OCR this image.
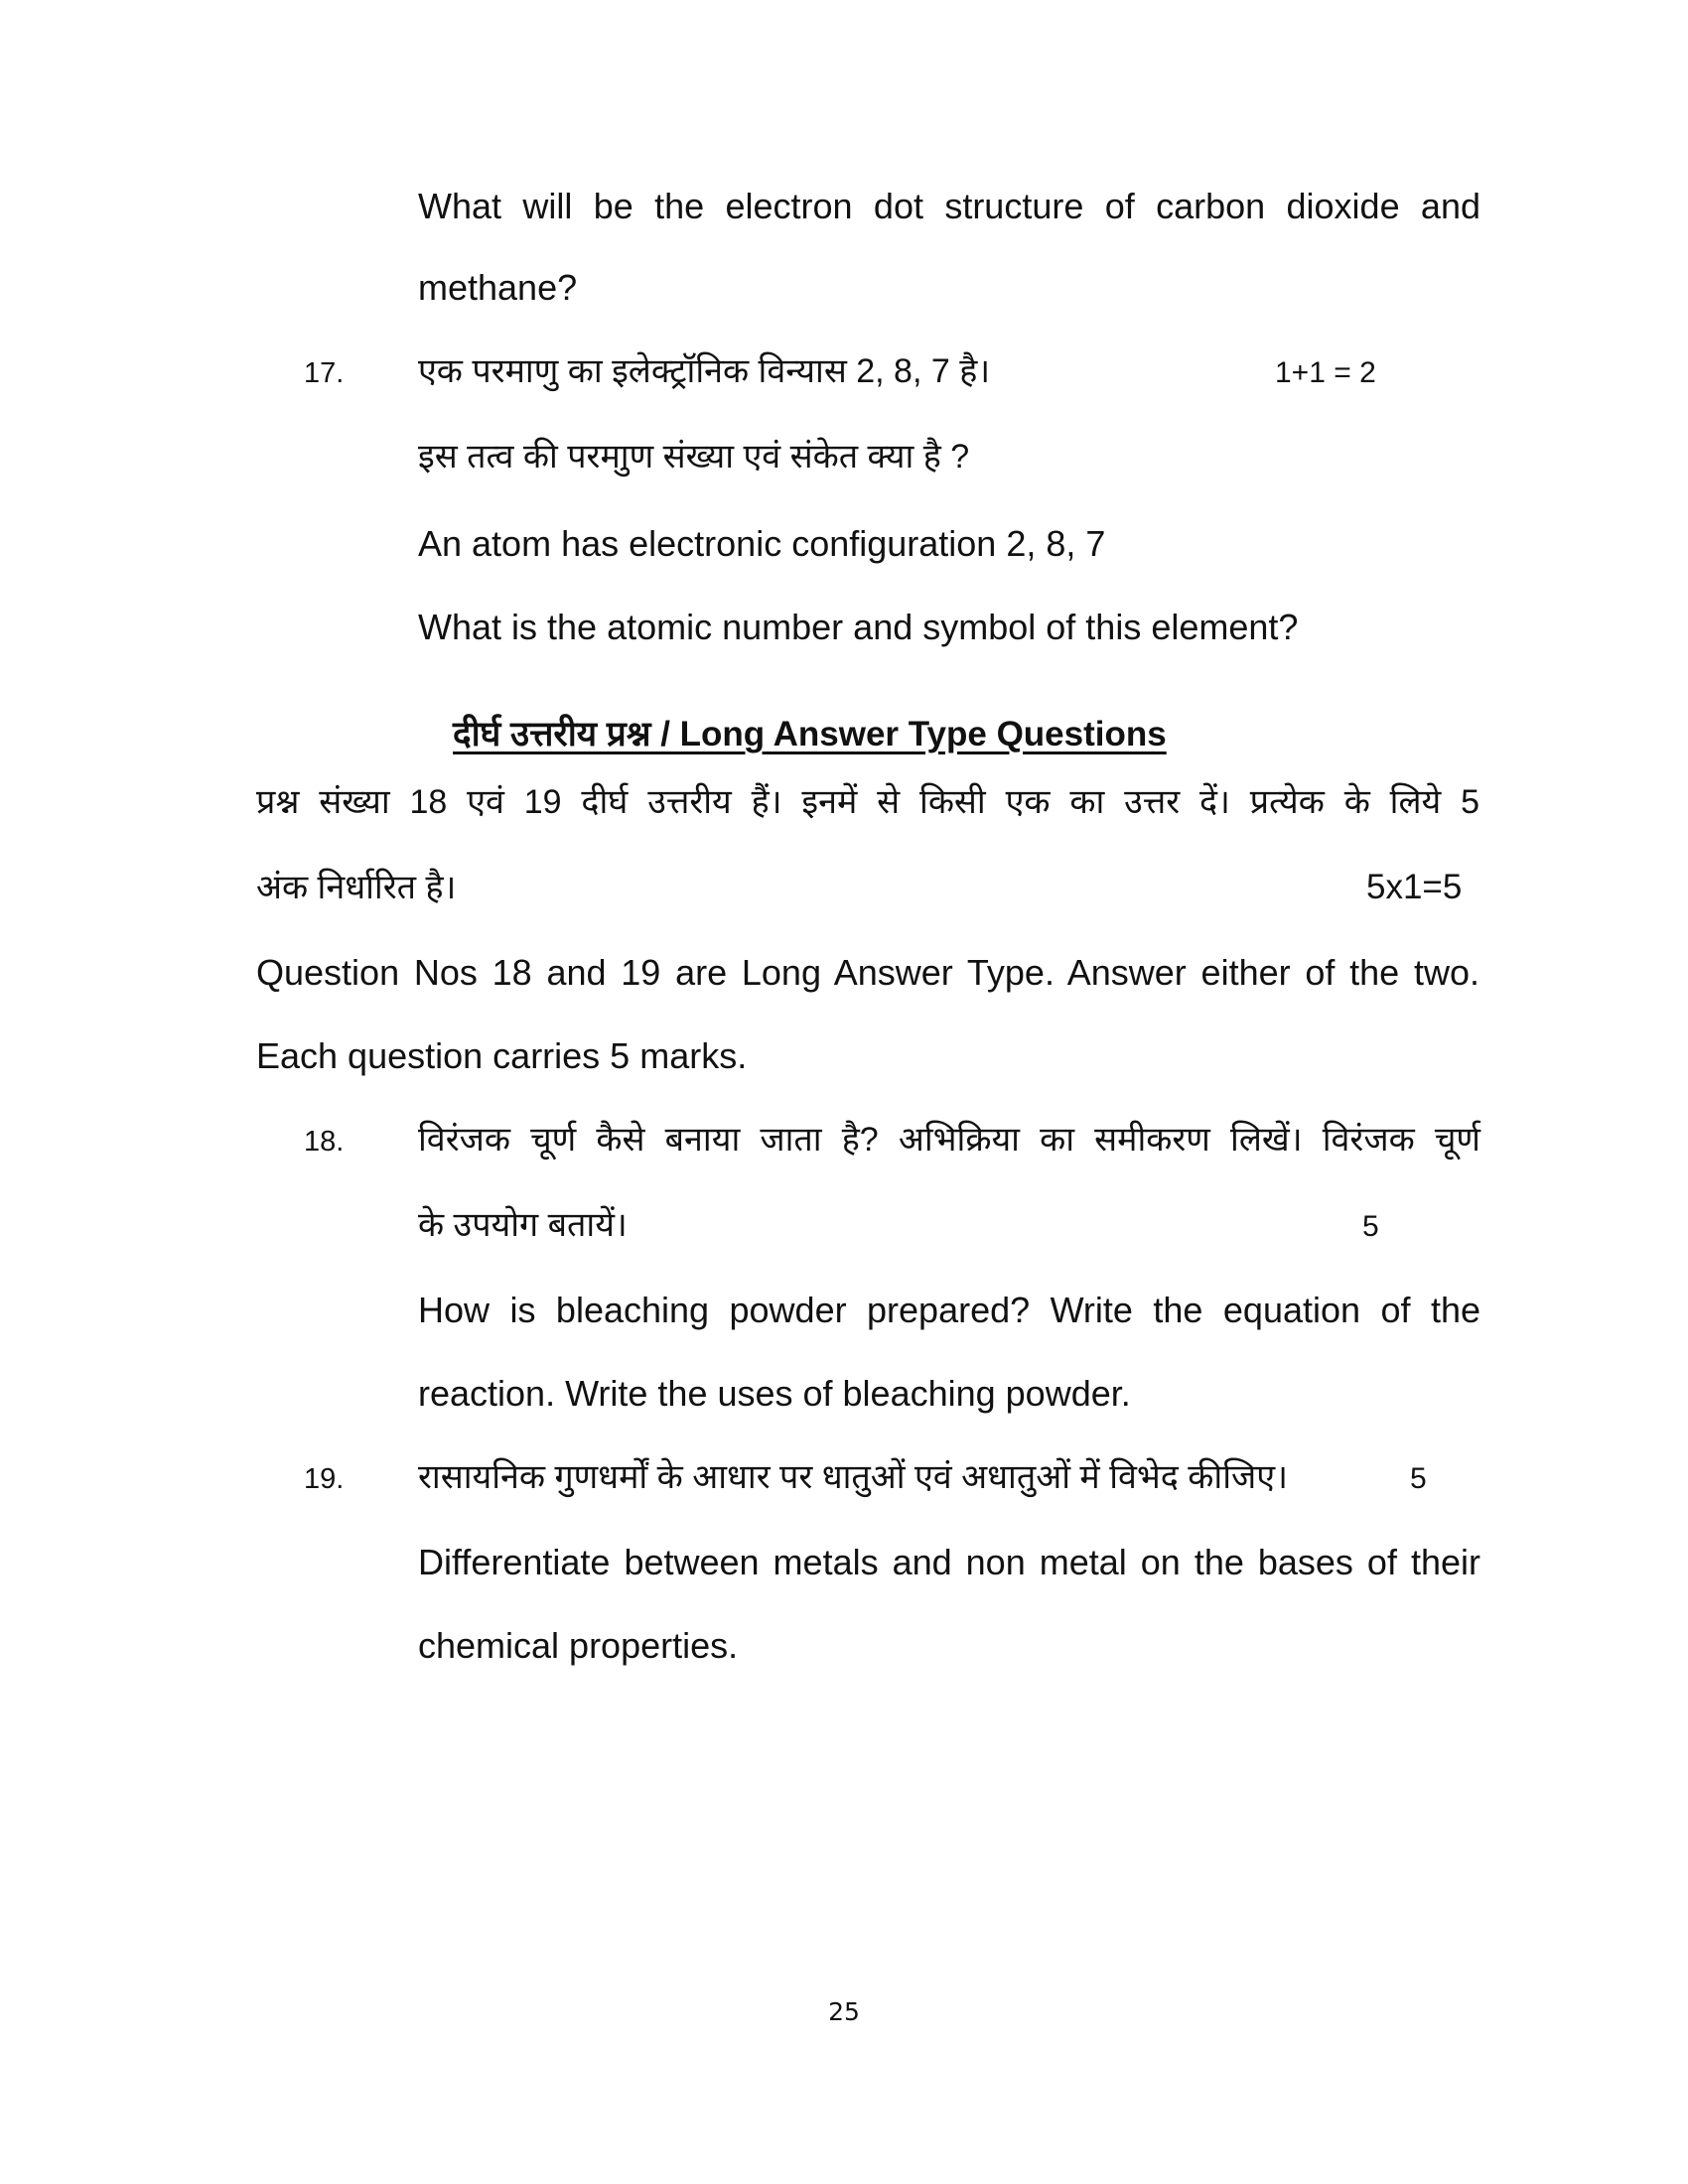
What will be the electron dot structure of carbon dioxide and
methane?
17. एक परमाणु का इलेक्ट्रॉनिक विन्यास 2, 8, 7 है।	1+1 = 2
इस तत्व की परमाुण संख्या एवं संकेत क्या है ?
An atom has electronic configuration 2, 8, 7
What is the atomic number and symbol of this element?
दीर्घ उत्तरीय प्रश्न / Long Answer Type Questions
प्रश्न संख्या 18 एवं 19 दीर्घ उत्तरीय हैं। इनमें से किसी एक का उत्तर दें। प्रत्येक के लिये 5
अंक निर्धारित है।	5x1=5
Question Nos 18 and 19 are Long Answer Type. Answer either of the two.
Each question carries 5 marks.
18. विरंजक चूर्ण कैसे बनाया जाता है? अभिक्रिया का समीकरण लिखें। विरंजक चूर्ण
के उपयोग बतायें।	5
How is bleaching powder prepared? Write the equation of the
reaction. Write the uses of bleaching powder.
19. रासायनिक गुणधर्मों के आधार पर धातुओं एवं अधातुओं में विभेद कीजिए।	5
Differentiate between metals and non metal on the bases of their
chemical properties.
25
